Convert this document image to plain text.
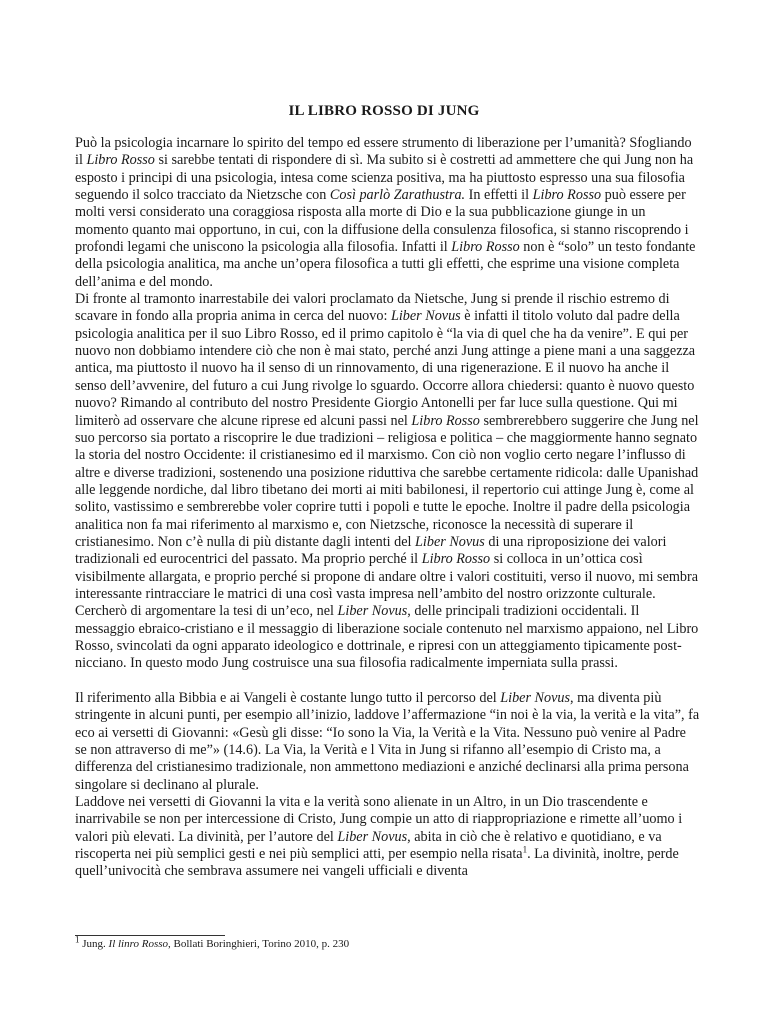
IL LIBRO ROSSO DI JUNG

Può la psicologia incarnare lo spirito del tempo ed essere strumento di liberazione per l’umanità? Sfogliando il Libro Rosso si sarebbe tentati di rispondere di sì. Ma subito si è costretti ad ammettere che qui Jung non ha esposto i principi di una psicologia, intesa come scienza positiva, ma ha piuttosto espresso una sua filosofia seguendo il solco tracciato da Nietzsche con Così parlò Zarathustra. In effetti il Libro Rosso può essere per molti versi considerato una coraggiosa risposta alla morte di Dio e la sua pubblicazione giunge in un momento quanto mai opportuno, in cui, con la diffusione della consulenza filosofica, si stanno riscoprendo i profondi legami che uniscono la psicologia alla filosofia. Infatti il Libro Rosso non è “solo” un testo fondante della psicologia analitica, ma anche un’opera filosofica a tutti gli effetti, che esprime una visione completa dell’anima e del mondo.

Di fronte al tramonto inarrestabile dei valori proclamato da Nietsche, Jung si prende il rischio estremo di scavare in fondo alla propria anima in cerca del nuovo: Liber Novus è infatti il titolo voluto dal padre della psicologia analitica per il suo Libro Rosso, ed il primo capitolo è “la via di quel che ha da venire”. E qui per nuovo non dobbiamo intendere ciò che non è mai stato, perché anzi Jung attinge a piene mani a una saggezza antica, ma piuttosto il nuovo ha il senso di un rinnovamento, di una rigenerazione. E il nuovo ha anche il senso dell’avvenire, del futuro a cui Jung rivolge lo sguardo. Occorre allora chiedersi: quanto è nuovo questo nuovo? Rimando al contributo del nostro Presidente Giorgio Antonelli per far luce sulla questione. Qui mi limiterò ad osservare che alcune riprese ed alcuni passi nel Libro Rosso sembrerebbero suggerire che Jung nel suo percorso sia portato a riscoprire le due tradizioni – religiosa e politica – che maggiormente hanno segnato la storia del nostro Occidente: il cristianesimo ed il marxismo. Con ciò non voglio certo negare l’influsso di altre e diverse tradizioni, sostenendo una posizione riduttiva che sarebbe certamente ridicola: dalle Upanishad alle leggende nordiche, dal libro tibetano dei morti ai miti babilonesi, il repertorio cui attinge Jung è, come al solito, vastissimo e sembrerebbe voler coprire tutti i popoli e tutte le epoche. Inoltre il padre della psicologia analitica non fa mai riferimento al marxismo e, con Nietzsche, riconosce la necessità di superare il cristianesimo. Non c’è nulla di più distante dagli intenti del Liber Novus di una riproposizione dei valori tradizionali ed eurocentrici del passato. Ma proprio perché il Libro Rosso si colloca in un’ottica così visibilmente allargata, e proprio perché si propone di andare oltre i valori costituiti, verso il nuovo, mi sembra interessante rintracciare le matrici di una così vasta impresa nell’ambito del nostro orizzonte culturale.

Cercherò di argomentare la tesi di un’eco, nel Liber Novus, delle principali tradizioni occidentali. Il messaggio ebraico-cristiano e il messaggio di liberazione sociale contenuto nel marxismo appaiono, nel Libro Rosso, svincolati da ogni apparato ideologico e dottrinale, e ripresi con un atteggiamento tipicamente post-nicciano. In questo modo Jung costruisce una sua filosofia radicalmente imperniata sulla prassi.

Il riferimento alla Bibbia e ai Vangeli è costante lungo tutto il percorso del Liber Novus, ma diventa più stringente in alcuni punti, per esempio all’inizio, laddove l’affermazione “in noi è la via, la verità e la vita”, fa eco ai versetti di Giovanni: «Gesù gli disse: “Io sono la Via, la Verità e la Vita. Nessuno può venire al Padre se non attraverso di me”» (14.6). La Via, la Verità e l Vita in Jung si rifanno all’esempio di Cristo ma, a differenza del cristianesimo tradizionale, non ammettono mediazioni e anziché declinarsi alla prima persona singolare si declinano al plurale.

Laddove nei versetti di Giovanni la vita e la verità sono alienate in un Altro, in un Dio trascendente e inarrivabile se non per intercessione di Cristo, Jung compie un atto di riappropriazione e rimette all’uomo i valori più elevati. La divinità, per l’autore del Liber Novus, abita in ciò che è relativo e quotidiano, e va riscoperta nei più semplici gesti e nei più semplici atti, per esempio nella risata$^1$. La divinità, inoltre, perde quell’univocità che sembrava assumere nei vangeli ufficiali e diventa

$^1$ Jung. Il linro Rosso, Bollati Boringhieri, Torino 2010, p. 230
